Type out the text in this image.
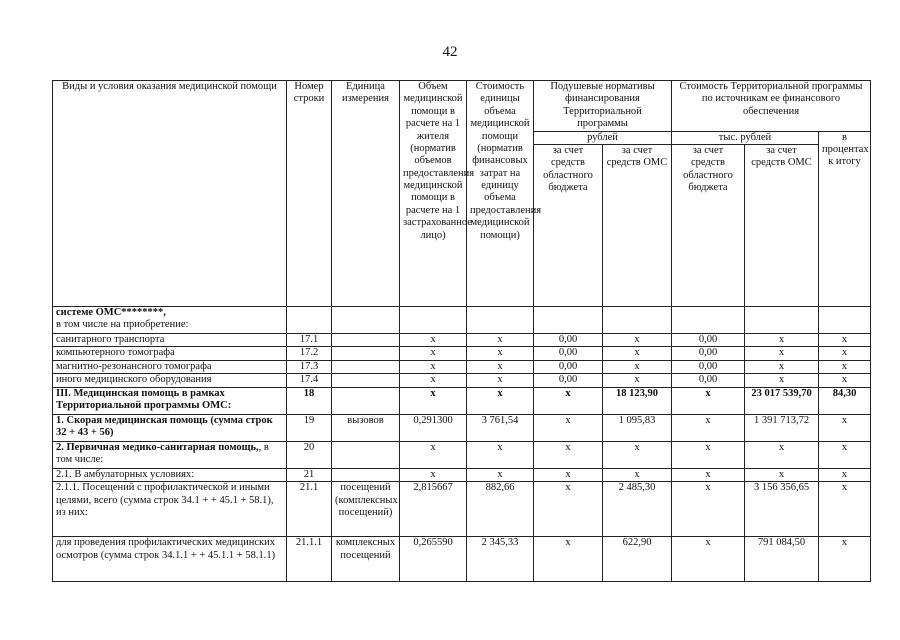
42
Виды и условия оказания медицинской помощи	Номер строки	Единица измерения	Объем медицинской помощи в расчете на 1 жителя (норматив объемов предоставления медицинской помощи в расчете на 1 застрахованное лицо)	Стоимость единицы объема медицинской помощи (норматив финансовых затрат на единицу объема предоставления медицинской помощи)	Подушевые нормативы финансирования Территориальной программы		Стоимость Территориальной программы по источникам ее финансового обеспечения		
					рублей		тыс. рублей		в процентах к итогу
					за счет средств областного бюджета	за счет средств ОМС	за счет средств областного бюджета	за счет средств ОМС	
системе ОМС********,
в том числе на приобретение:									
санитарного транспорта	17.1		х	х	0,00	х	0,00	х	х
компьютерного томографа	17.2		х	х	0,00	х	0,00	х	х
магнитно-резонансного томографа	17.3		х	х	0,00	х	0,00	х	х
иного медицинского оборудования	17.4		х	х	0,00	х	0,00	х	х
III. Медицинская помощь в рамках Территориальной программы ОМС:	18		х	х	х	18 123,90	х	23 017 539,70	84,30
1. Скорая медицинская помощь (сумма строк 32 + 43 + 56)	19	вызовов	0,291300	3 761,54	х	1 095,83	х	1 391 713,72	х
2. Первичная медико-санитарная помощь,, в том числе:	20		х	х	х	х	х	х	х
2.1. В амбулаторных условиях:	21		х	х	х	х	х	х	х
2.1.1. Посещений с профилактической и иными целями, всего (сумма строк 34.1 + + 45.1 + 58.1), из них:	21.1	посещений (комплексных посещений)	2,815667	882,66	х	2 485,30	х	3 156 356,65	х
для проведения профилактических медицинских осмотров (сумма строк 34.1.1 + + 45.1.1 + 58.1.1)	21.1.1	комплексных посещений	0,265590	2 345,33	х	622,90	х	791 084,50	х
